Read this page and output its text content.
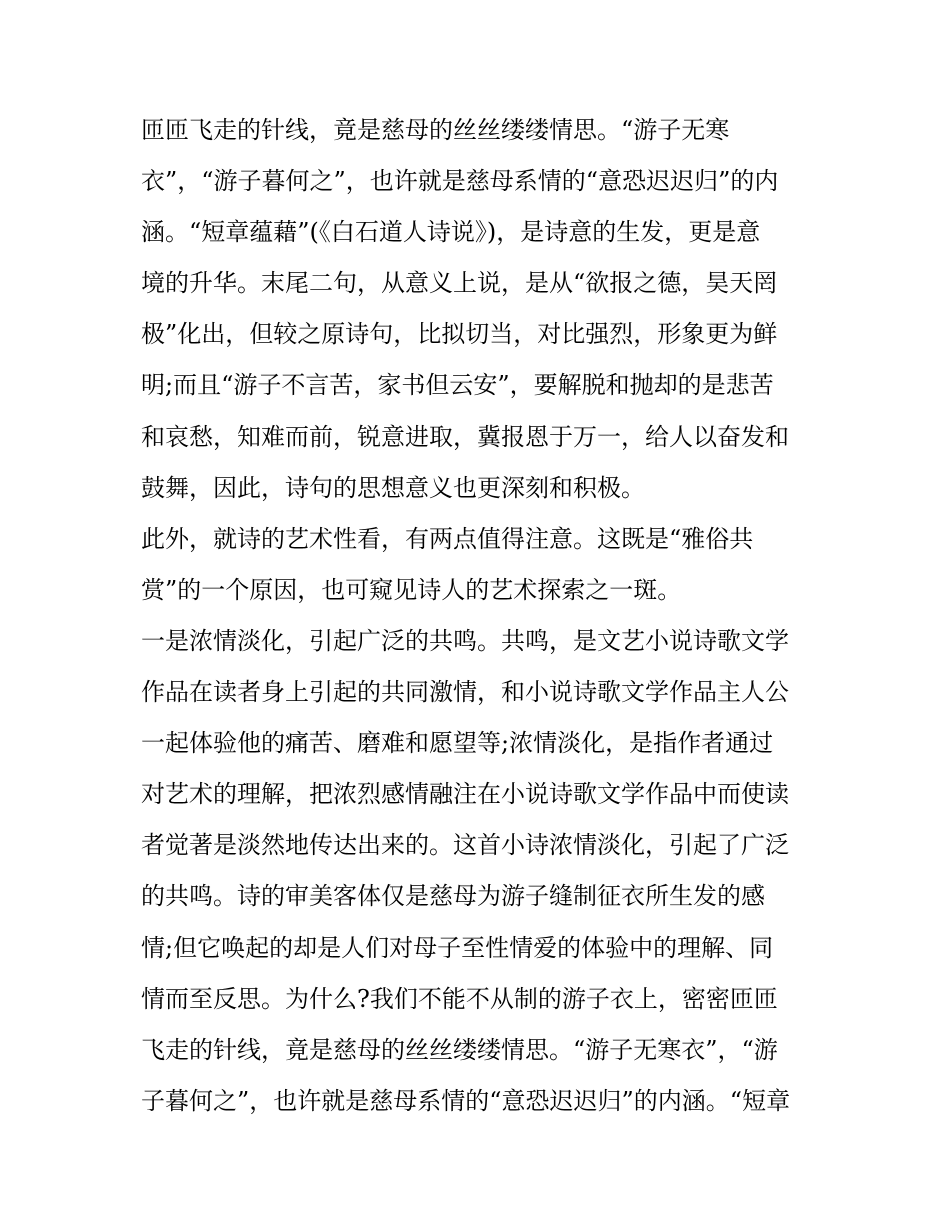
匝匝飞走的针线，竟是慈母的丝丝缕缕情思。“游子无寒
衣”，“游子暮何之”，也许就是慈母系情的“意恐迟迟归”的内
涵。“短章蕴藉”(《白石道人诗说》)，是诗意的生发，更是意
境的升华。末尾二句，从意义上说，是从“欲报之德，昊天罔
极”化出，但较之原诗句，比拟切当，对比强烈，形象更为鲜
明;而且“游子不言苦，家书但云安”，要解脱和抛却的是悲苦
和哀愁，知难而前，锐意进取，冀报恩于万一，给人以奋发和
鼓舞，因此，诗句的思想意义也更深刻和积极。
此外，就诗的艺术性看，有两点值得注意。这既是“雅俗共
赏”的一个原因，也可窥见诗人的艺术探索之一斑。
一是浓情淡化，引起广泛的共鸣。共鸣，是文艺小说诗歌文学
作品在读者身上引起的共同激情，和小说诗歌文学作品主人公
一起体验他的痛苦、磨难和愿望等;浓情淡化，是指作者通过
对艺术的理解，把浓烈感情融注在小说诗歌文学作品中而使读
者觉著是淡然地传达出来的。这首小诗浓情淡化，引起了广泛
的共鸣。诗的审美客体仅是慈母为游子缝制征衣所生发的感
情;但它唤起的却是人们对母子至性情爱的体验中的理解、同
情而至反思。为什么?我们不能不从制的游子衣上，密密匝匝
飞走的针线，竟是慈母的丝丝缕缕情思。“游子无寒衣”，“游
子暮何之”，也许就是慈母系情的“意恐迟迟归”的内涵。“短章
